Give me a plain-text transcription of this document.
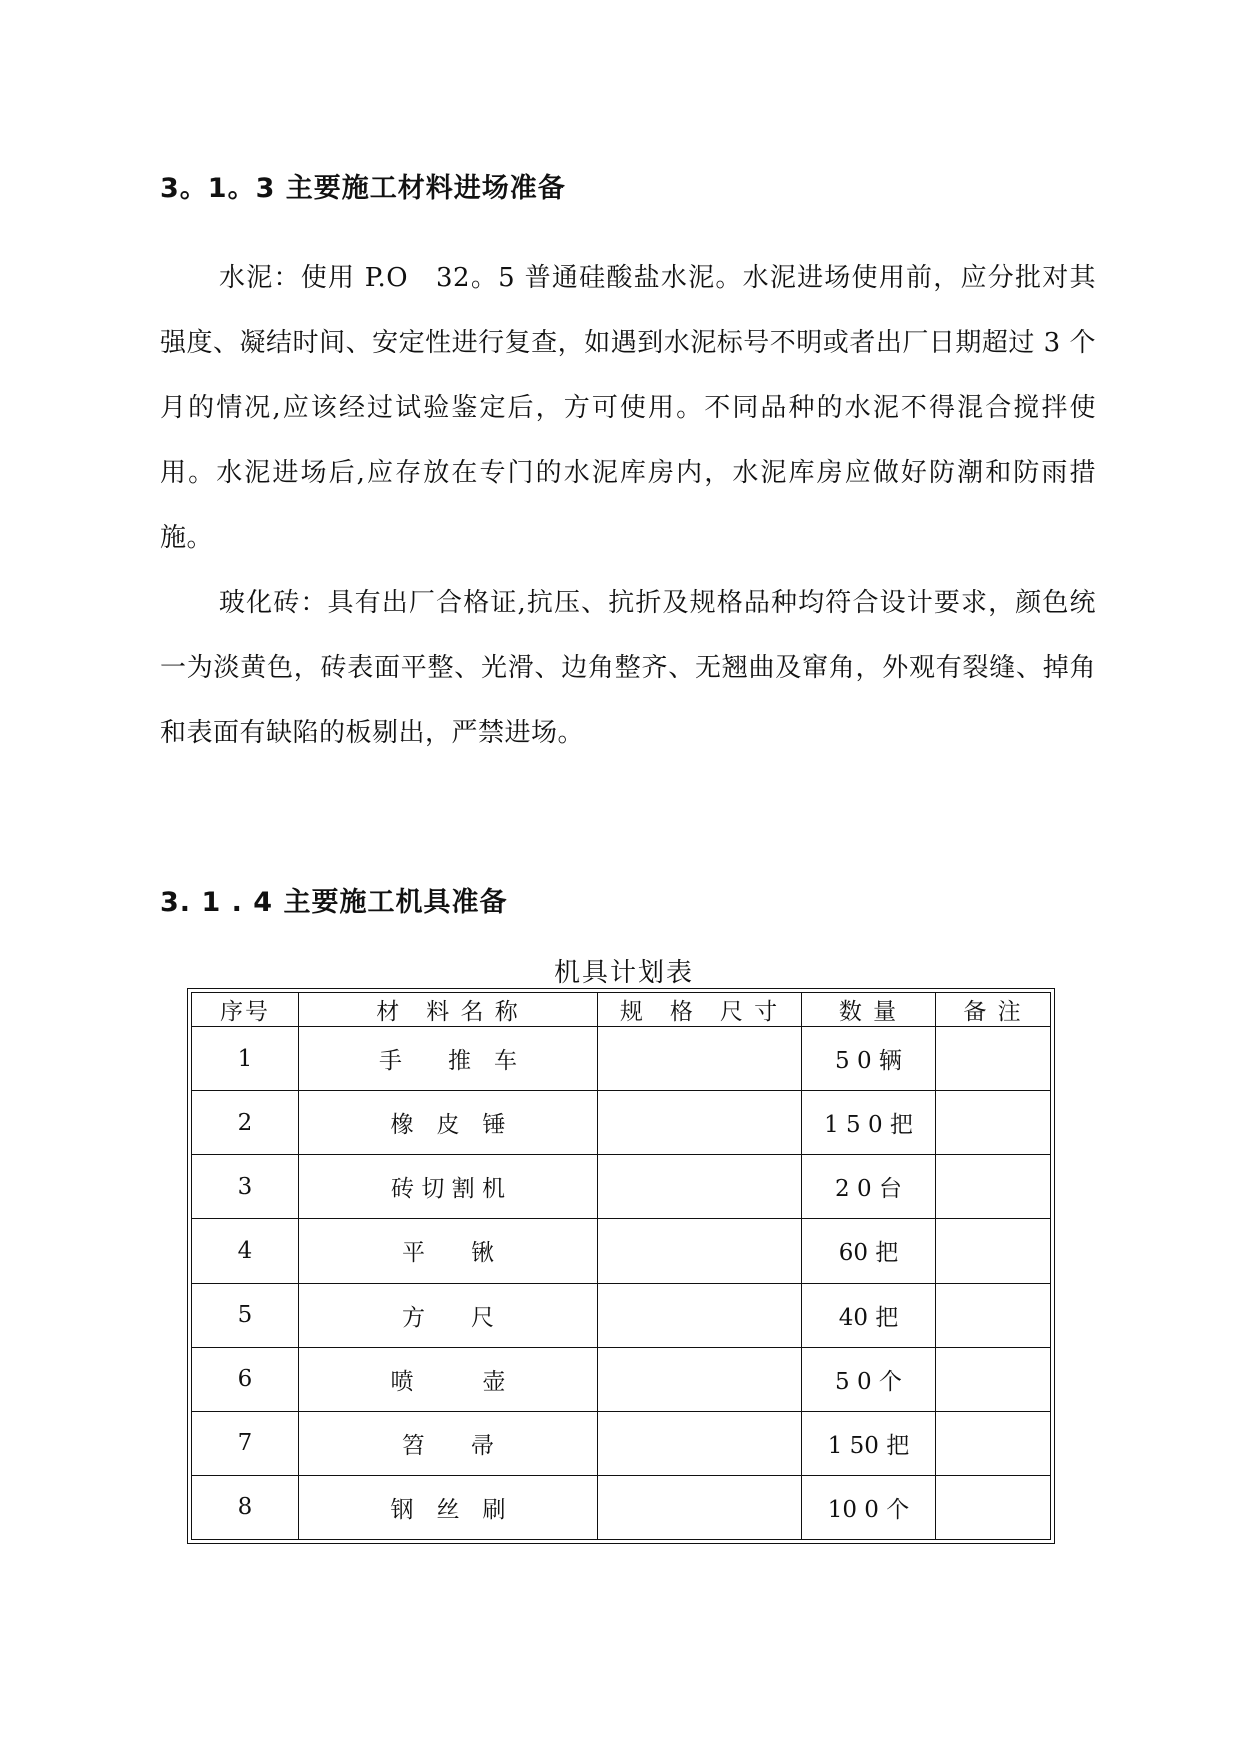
3。1。3 主要施工材料进场准备

水泥：使用 P.O　32。5 普通硅酸盐水泥。水泥进场使用前，应分批对其强度、凝结时间、安定性进行复查，如遇到水泥标号不明或者出厂日期超过 3 个月的情况,应该经过试验鉴定后，方可使用。不同品种的水泥不得混合搅拌使用。水泥进场后,应存放在专门的水泥库房内，水泥库房应做好防潮和防雨措施。

玻化砖：具有出厂合格证,抗压、抗折及规格品种均符合设计要求，颜色统一为淡黄色，砖表面平整、光滑、边角整齐、无翘曲及窜角，外观有裂缝、掉角和表面有缺陷的板剔出，严禁进场。

3. 1 . 4 主要施工机具准备
机具计划表
序号	材　料 名 称	规　格　尺 寸	数 量	备 注
1	手　　推　车		5 0 辆	
2	橡　皮　锤		1 5 0 把	
3	砖 切 割 机		2 0 台	
4	平　　锹		60 把	
5	方　　尺		40 把	
6	喷　　　壶		5 0 个	
7	笤　　帚		1 50 把	
8	钢　丝　刷		10 0 个	
